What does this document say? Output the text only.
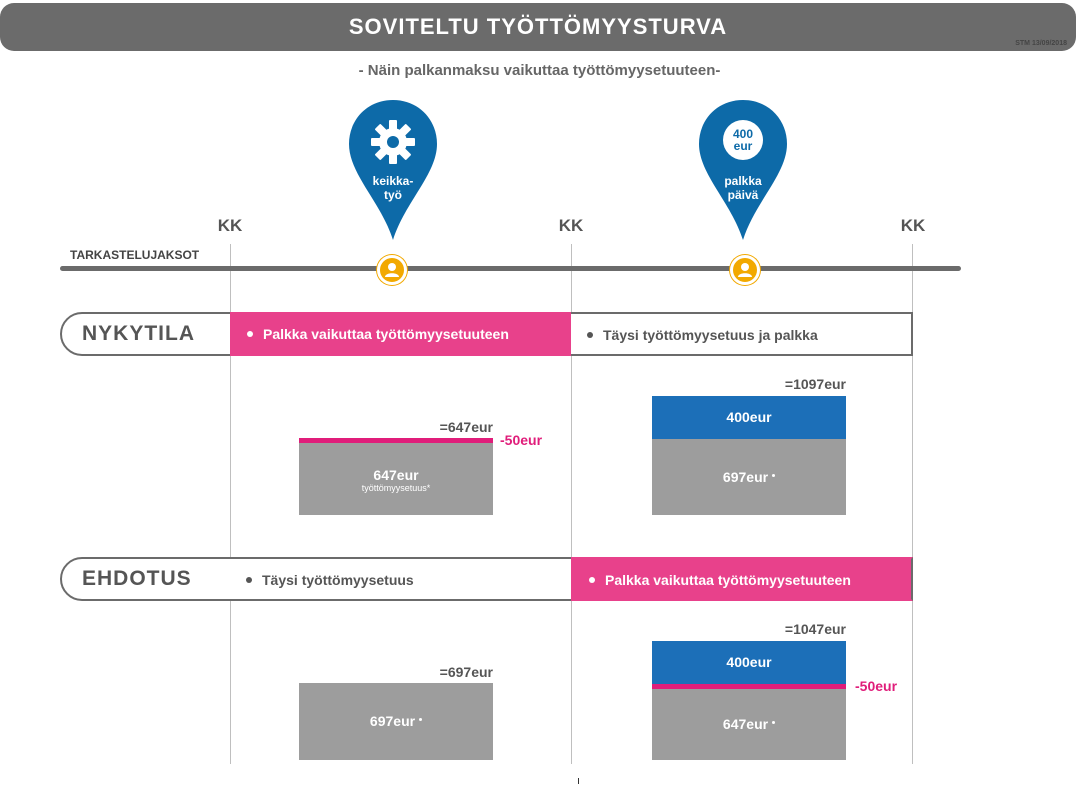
SOVITELTU TYÖTTÖMYYSTURVA
STM 13/09/2018
- Näin palkanmaksu vaikuttaa työttömyysetuuteen-
keikka-
työ
400
eur
palkka
päivä
KK	KK	KK
TARKASTELUJAKSOT
NYKYTILA	Palkka vaikuttaa työttömyysetuuteen	Täysi työttömyysetuus ja palkka
=647eur
-50eur
647eur
työttömyysetuus*
=1097eur
400eur
697eur
EHDOTUS	Täysi työttömyysetuus	Palkka vaikuttaa työttömyysetuuteen
=697eur
697eur
=1047eur
400eur
-50eur
647eur
